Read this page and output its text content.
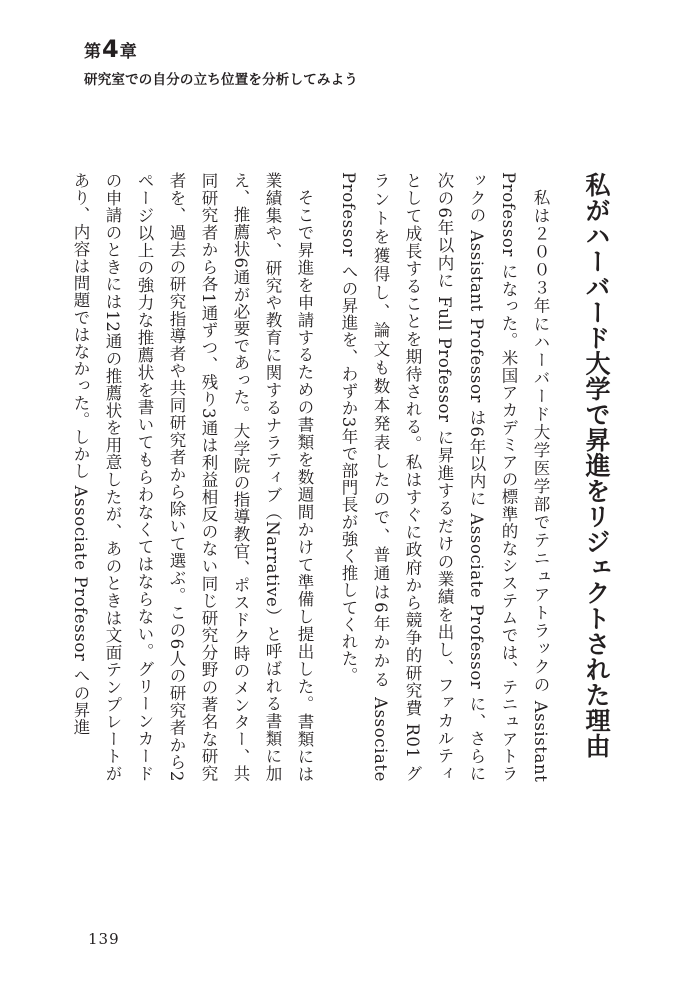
第 4 章
研究室での自分の立ち位置を分析してみよう
私がハーバード大学で昇進をリジェクトされた理由
私は２００３年にハーバード大学医学部でテニュアトラックの Assistant Professor になった。米国アカデミアの標準的なシステムでは、テニュアトラックの Assistant Professor は6年以内に Associate Professor に、さらに次の6年以内に Full Professor に昇進するだけの業績を出し、ファカルティとして成長することを期待される。私はすぐに政府から競争的研究費 R01 グラントを獲得し、論文も数本発表したので、普通は6年かかる Associate Professor への昇進を、わずか3年で部門長が強く推してくれた。
そこで昇進を申請するための書類を数週間かけて準備し提出した。書類には業績集や、研究や教育に関するナラティブ（Narrative）と呼ばれる書類に加え、推薦状6通が必要であった。大学院の指導教官、ポスドク時のメンター、共同研究者から各1通ずつ、残り3通は利益相反のない同じ研究分野の著名な研究者を、過去の研究指導者や共同研究者から除いて選ぶ。この6人の研究者から2ページ以上の強力な推薦状を書いてもらわなくてはならない。グリーンカードの申請のときには12通の推薦状を用意したが、あのときは文面テンプレートがあり、内容は問題ではなかった。しかし Associate Professor への昇進
139
